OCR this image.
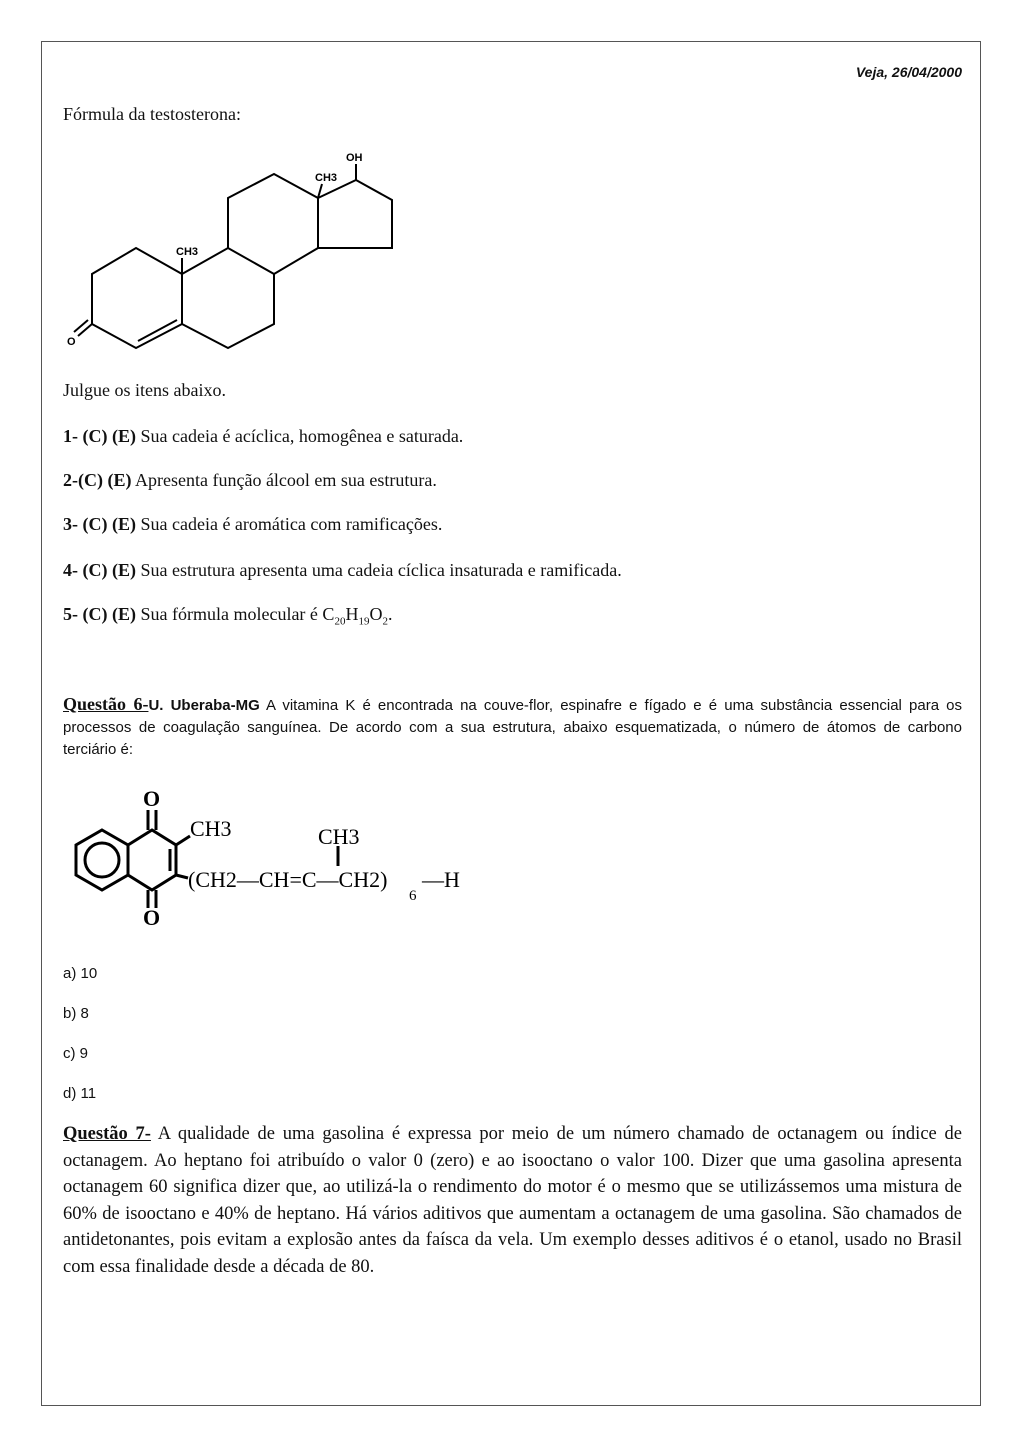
Veja, 26/04/2000
Fórmula da testosterona:
OH
CH3
CH3
O
Julgue os itens abaixo.
1- (C) (E) Sua cadeia é acíclica, homogênea e saturada.
2-(C) (E) Apresenta função álcool em sua estrutura.
3- (C) (E) Sua cadeia é aromática com ramificações.
4- (C) (E) Sua estrutura apresenta uma cadeia cíclica insaturada e ramificada.
5- (C) (E) Sua fórmula molecular é $C_{20}H_{19}O_2$.
Questão 6-U. Uberaba-MG A vitamina K é encontrada na couve-flor, espinafre e fígado e é uma substância essencial para os processos de coagulação sanguínea. De acordo com a sua estrutura, abaixo esquematizada, o número de átomos de carbono terciário é:
O
O
CH3	CH3
(CH2—CH=C—CH2)
6
—H
a) 10
b) 8
c) 9
d) 11
Questão 7- A qualidade de uma gasolina é expressa por meio de um número chamado de octanagem ou índice de octanagem. Ao heptano foi atribuído o valor 0 (zero) e ao isooctano o valor 100. Dizer que uma gasolina apresenta octanagem 60 significa dizer que, ao utilizá-la o rendimento do motor é o mesmo que se utilizássemos uma mistura de 60% de isooctano e 40% de heptano. Há vários aditivos que aumentam a octanagem de uma gasolina. São chamados de antidetonantes, pois evitam a explosão antes da faísca da vela. Um exemplo desses aditivos é o etanol, usado no Brasil com essa finalidade desde a década de 80.
